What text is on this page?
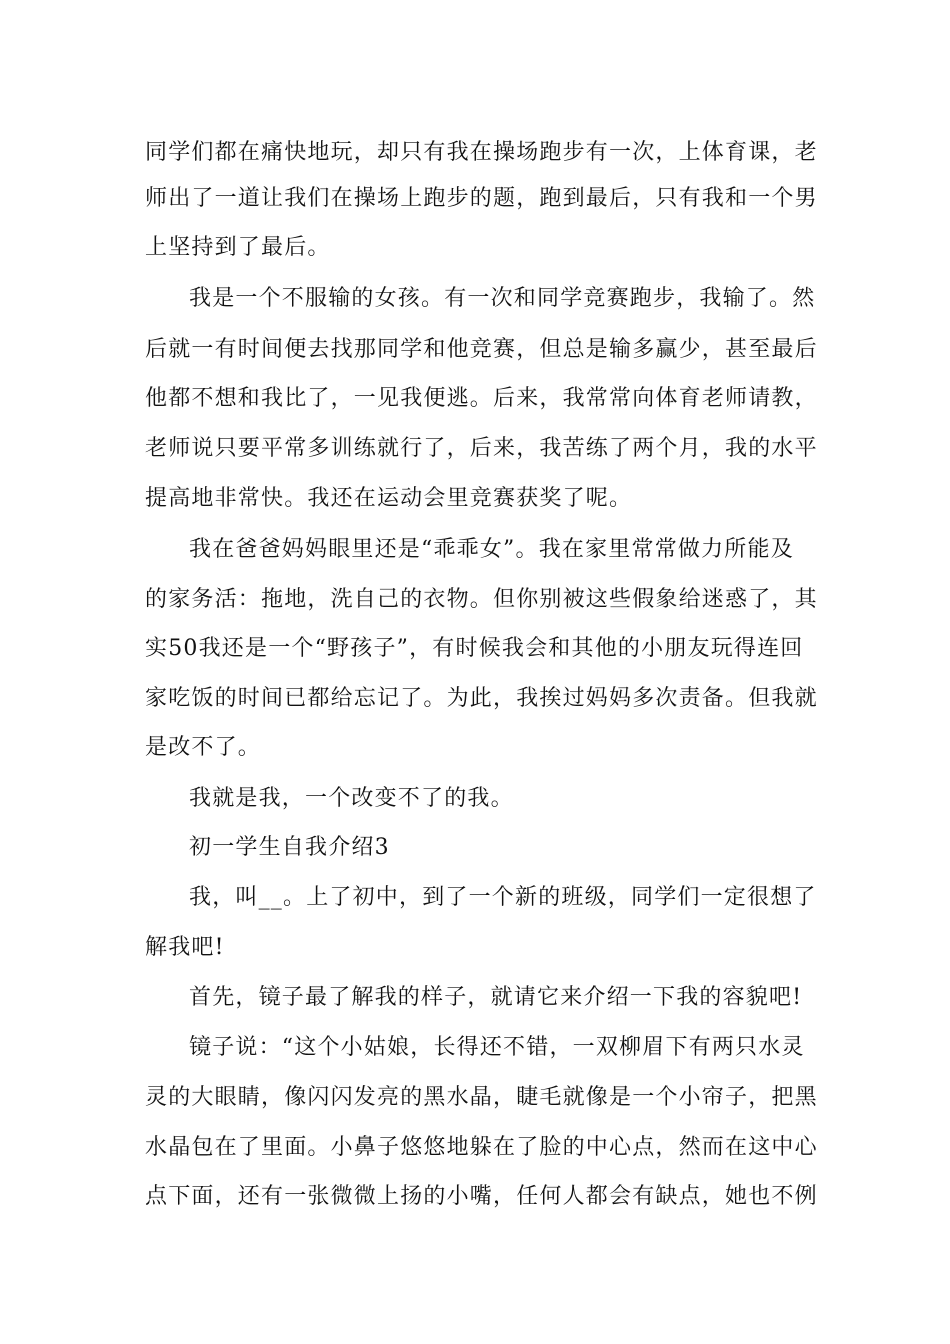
同学们都在痛快地玩，却只有我在操场跑步有一次，上体育课，老
师出了一道让我们在操场上跑步的题，跑到最后，只有我和一个男
上坚持到了最后。
我是一个不服输的女孩。有一次和同学竞赛跑步，我输了。然
后就一有时间便去找那同学和他竞赛，但总是输多赢少，甚至最后
他都不想和我比了，一见我便逃。后来，我常常向体育老师请教，
老师说只要平常多训练就行了，后来，我苦练了两个月，我的水平
提高地非常快。我还在运动会里竞赛获奖了呢。
我在爸爸妈妈眼里还是“乖乖女”。我在家里常常做力所能及
的家务活：拖地，洗自己的衣物。但你别被这些假象给迷惑了，其
实50我还是一个“野孩子”，有时候我会和其他的小朋友玩得连回
家吃饭的时间已都给忘记了。为此，我挨过妈妈多次责备。但我就
是改不了。
我就是我，一个改变不了的我。
初一学生自我介绍3
我，叫__。上了初中，到了一个新的班级，同学们一定很想了
解我吧!
首先，镜子最了解我的样子，就请它来介绍一下我的容貌吧!
镜子说：“这个小姑娘，长得还不错，一双柳眉下有两只水灵
灵的大眼睛，像闪闪发亮的黑水晶，睫毛就像是一个小帘子，把黑
水晶包在了里面。小鼻子悠悠地躲在了脸的中心点，然而在这中心
点下面，还有一张微微上扬的小嘴，任何人都会有缺点，她也不例
